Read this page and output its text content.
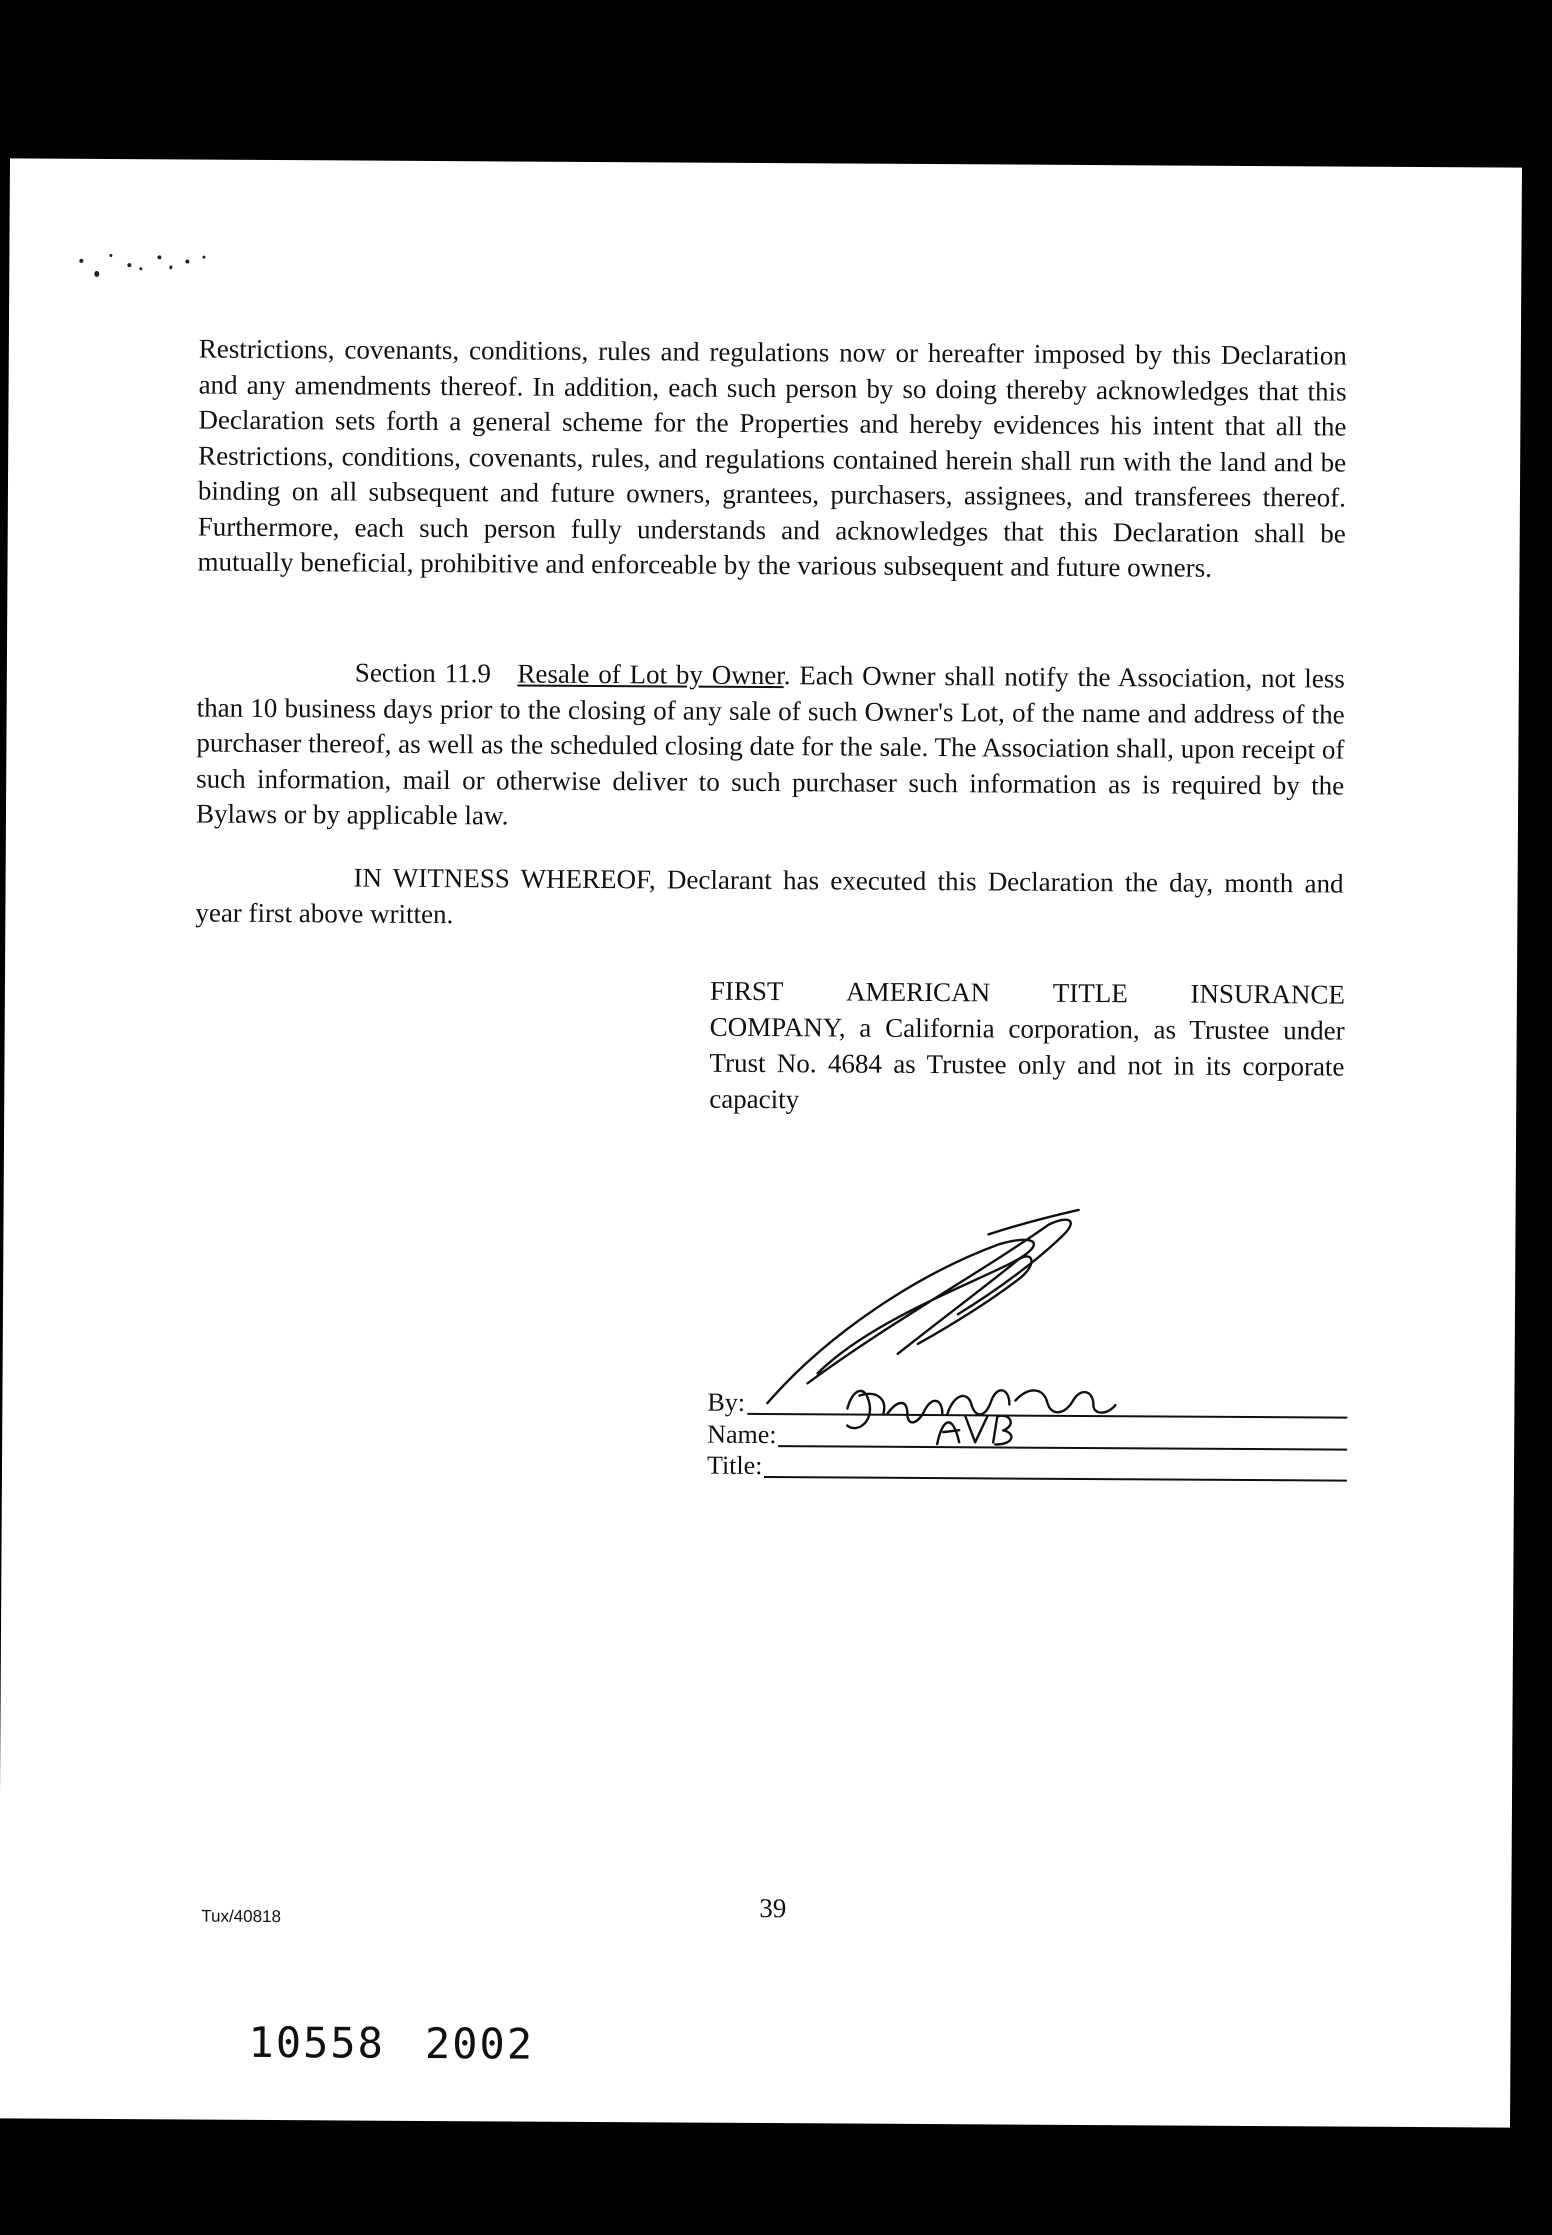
Restrictions, covenants, conditions, rules and regulations now or hereafter imposed by this Declaration and any amendments thereof. In addition, each such person by so doing thereby acknowledges that this Declaration sets forth a general scheme for the Properties and hereby evidences his intent that all the Restrictions, conditions, covenants, rules, and regulations contained herein shall run with the land and be binding on all subsequent and future owners, grantees, purchasers, assignees, and transferees thereof. Furthermore, each such person fully understands and acknowledges that this Declaration shall be mutually beneficial, prohibitive and enforceable by the various subsequent and future owners.

Section 11.9 Resale of Lot by Owner. Each Owner shall notify the Association, not less than 10 business days prior to the closing of any sale of such Owner's Lot, of the name and address of the purchaser thereof, as well as the scheduled closing date for the sale. The Association shall, upon receipt of such information, mail or otherwise deliver to such purchaser such information as is required by the Bylaws or by applicable law.

IN WITNESS WHEREOF, Declarant has executed this Declaration the day, month and year first above written.

FIRST AMERICAN TITLE INSURANCE
COMPANY, a California corporation, as Trustee under Trust No. 4684 as Trustee only and not in its corporate capacity
By:
Name:
Title:
39
Tux/40818
10558 2002
